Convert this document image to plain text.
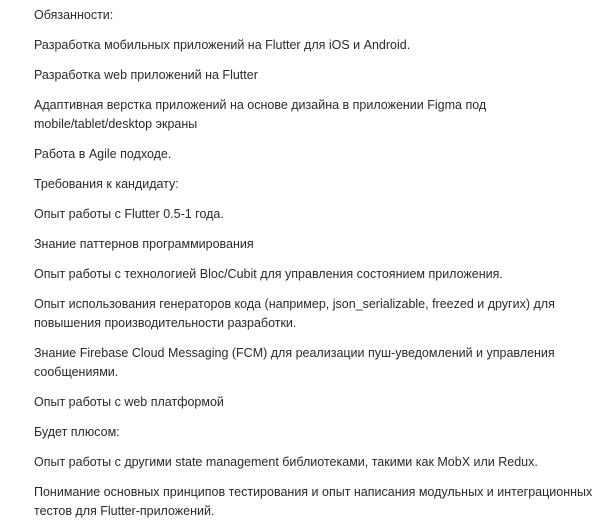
Обязанности:

Разработка мобильных приложений на Flutter для iOS и Android.

Разработка web приложений на Flutter

Адаптивная верстка приложений на основе дизайна в приложении Figma под mobile/tablet/desktop экраны

Работа в Agile подходе.

Требования к кандидату:

Опыт работы с Flutter 0.5-1 года.

Знание паттернов программирования

Опыт работы с технологией Bloc/Cubit для управления состоянием приложения.

Опыт использования генераторов кода (например, json_serializable, freezed и других) для повышения производительности разработки.

Знание Firebase Cloud Messaging (FCM) для реализации пуш-уведомлений и управления сообщениями.

Опыт работы с web платформой

Будет плюсом:

Опыт работы с другими state management библиотеками, такими как MobX или Redux.

Понимание основных принципов тестирования и опыт написания модульных и интеграционных тестов для Flutter-приложений.
